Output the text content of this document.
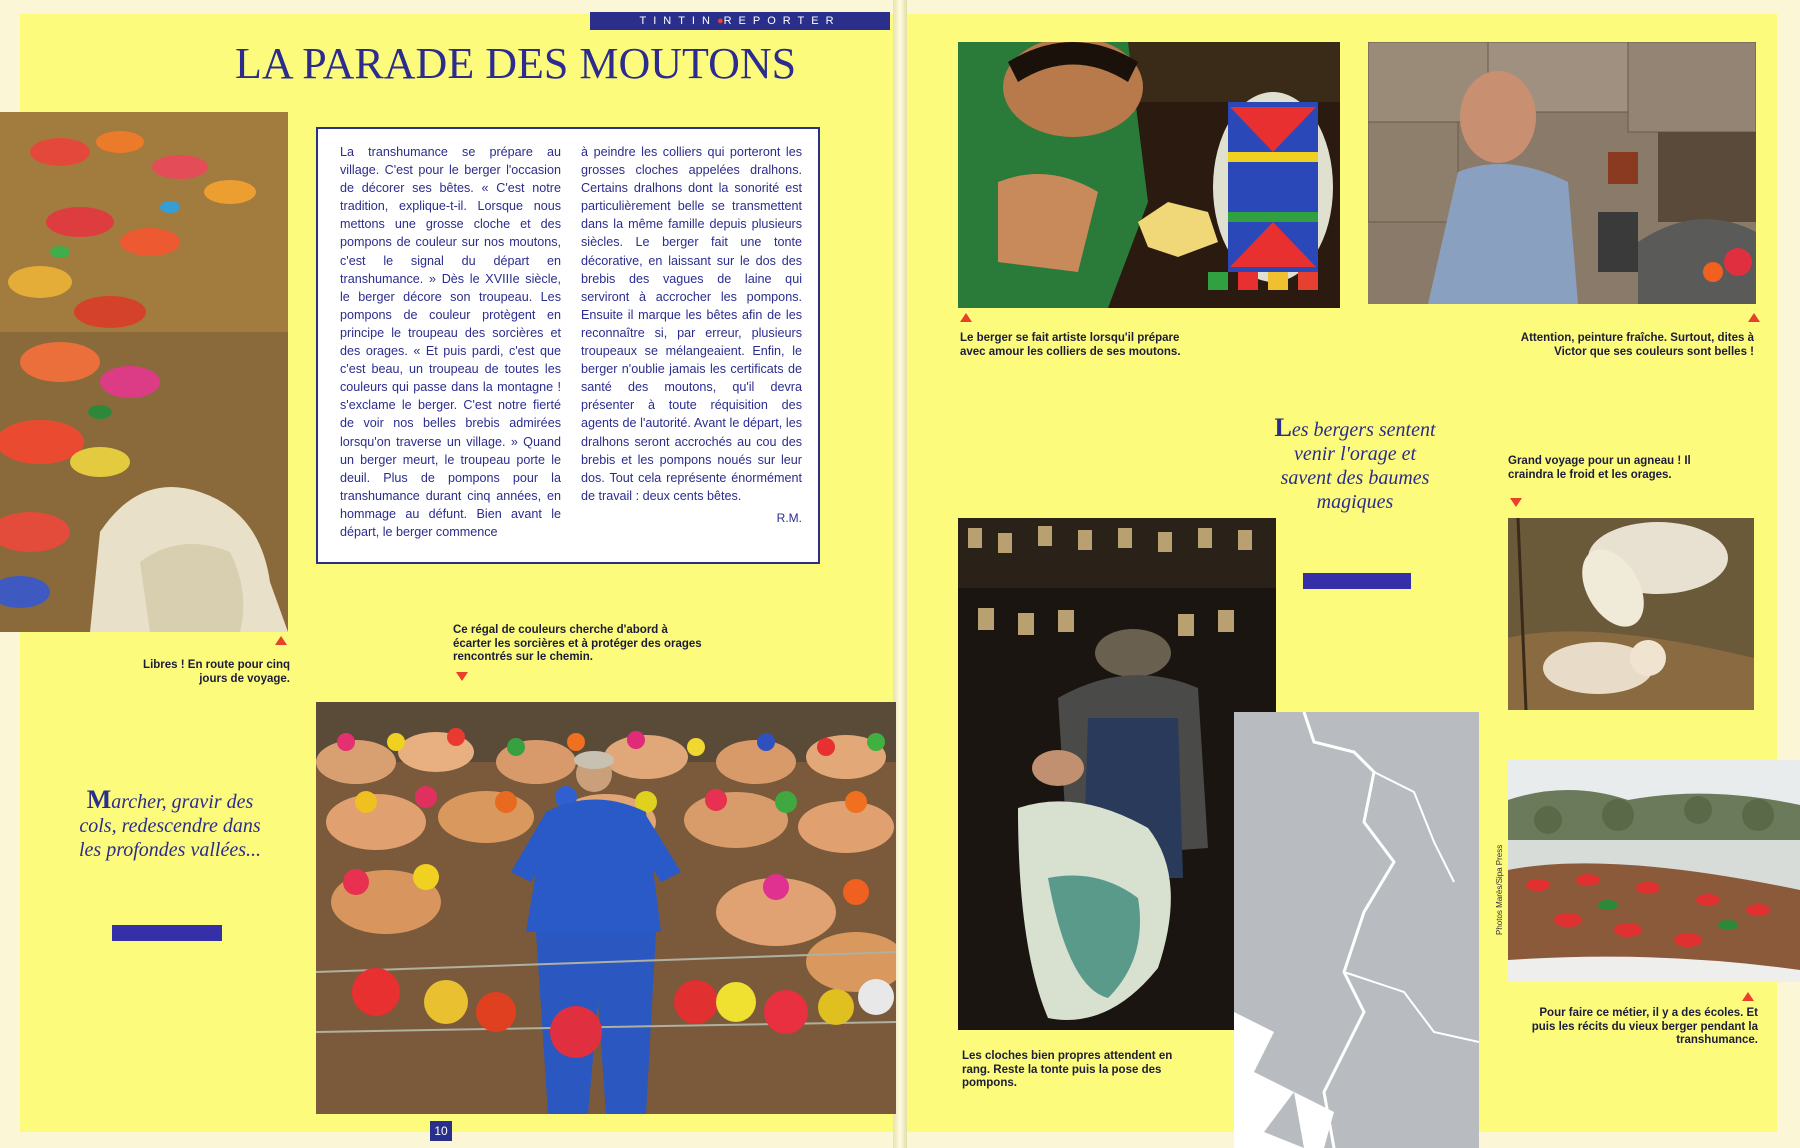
TINTIN●REPORTER
LA PARADE DES MOUTONS
La transhumance se prépare au village. C'est pour le berger l'occasion de décorer ses bêtes. « C'est notre tradition, explique-t-il. Lorsque nous mettons une grosse cloche et des pompons de couleur sur nos moutons, c'est le signal du départ en transhumance. » Dès le XVIIIe siècle, le berger décore son troupeau. Les pompons de couleur protègent en principe le troupeau des sorcières et des orages. « Et puis pardi, c'est que c'est beau, un troupeau de toutes les couleurs qui passe dans la montagne ! s'exclame le berger. C'est notre fierté de voir nos belles brebis admirées lorsqu'on traverse un village. » Quand un berger meurt, le troupeau porte le deuil. Plus de pompons pour la transhumance durant cinq années, en hommage au défunt. Bien avant le départ, le berger commence
à peindre les colliers qui porteront les grosses cloches appelées dralhons. Certains dralhons dont la sonorité est particulièrement belle se transmettent dans la même famille depuis plusieurs siècles. Le berger fait une tonte décorative, en laissant sur le dos des brebis des vagues de laine qui serviront à accrocher les pompons. Ensuite il marque les bêtes afin de les reconnaître si, par erreur, plusieurs troupeaux se mélangeaient. Enfin, le berger n'oublie jamais les certificats de santé des moutons, qu'il devra présenter à toute réquisition des agents de l'autorité. Avant le départ, les dralhons seront accrochés au cou des brebis et les pompons noués sur leur dos. Tout cela représente énormément de travail : deux cents bêtes.
R.M.
Libres ! En route pour cinq jours de voyage.
Ce régal de couleurs cherche d'abord à écarter les sorcières et à protéger des orages rencontrés sur le chemin.
Marcher, gravir des cols, redescendre dans les profondes vallées...
Le berger se fait artiste lorsqu'il prépare avec amour les colliers de ses moutons.
Attention, peinture fraîche. Surtout, dites à Victor que ses couleurs sont belles !
Les bergers sentent venir l'orage et savent des baumes magiques
Grand voyage pour un agneau ! Il craindra le froid et les orages.
Les cloches bien propres attendent en rang. Reste la tonte puis la pose des pompons.
Photos Marès/Sipa Press
Pour faire ce métier, il y a des écoles. Et puis les récits du vieux berger pendant la transhumance.
10
